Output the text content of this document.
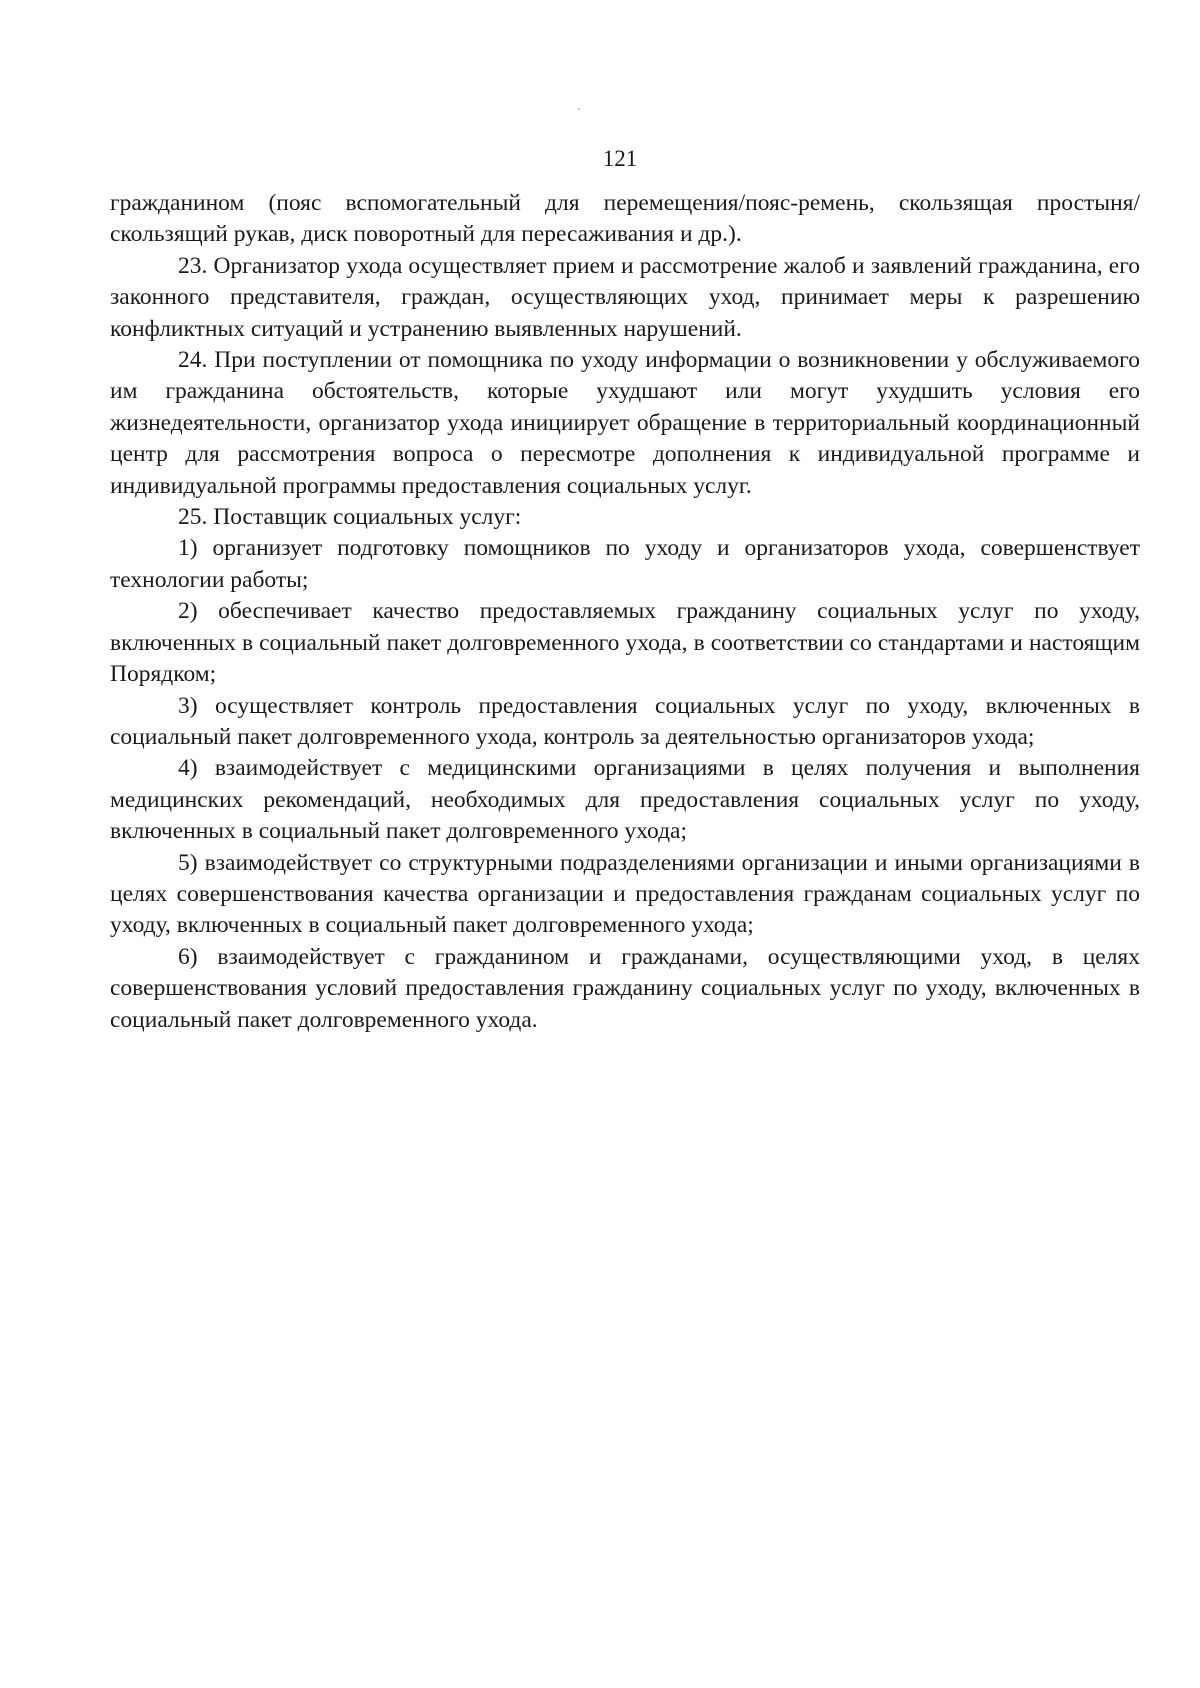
121

гражданином (пояс вспомогательный для перемещения/пояс-ремень, скользящая простыня/скользящий рукав, диск поворотный для пересаживания и др.).

23. Организатор ухода осуществляет прием и рассмотрение жалоб и заявлений гражданина, его законного представителя, граждан, осуществляющих уход, принимает меры к разрешению конфликтных ситуаций и устранению выявленных нарушений.

24. При поступлении от помощника по уходу информации о возникновении у обслуживаемого им гражданина обстоятельств, которые ухудшают или могут ухудшить условия его жизнедеятельности, организатор ухода инициирует обращение в территориальный координационный центр для рассмотрения вопроса о пересмотре дополнения к индивидуальной программе и индивидуальной программы предоставления социальных услуг.

25. Поставщик социальных услуг:

1) организует подготовку помощников по уходу и организаторов ухода, совершенствует технологии работы;

2) обеспечивает качество предоставляемых гражданину социальных услуг по уходу, включенных в социальный пакет долговременного ухода, в соответствии со стандартами и настоящим Порядком;

3) осуществляет контроль предоставления социальных услуг по уходу, включенных в социальный пакет долговременного ухода, контроль за деятельностью организаторов ухода;

4) взаимодействует с медицинскими организациями в целях получения и выполнения медицинских рекомендаций, необходимых для предоставления социальных услуг по уходу, включенных в социальный пакет долговременного ухода;

5) взаимодействует со структурными подразделениями организации и иными организациями в целях совершенствования качества организации и предоставления гражданам социальных услуг по уходу, включенных в социальный пакет долговременного ухода;

6) взаимодействует с гражданином и гражданами, осуществляющими уход, в целях совершенствования условий предоставления гражданину социальных услуг по уходу, включенных в социальный пакет долговременного ухода.
